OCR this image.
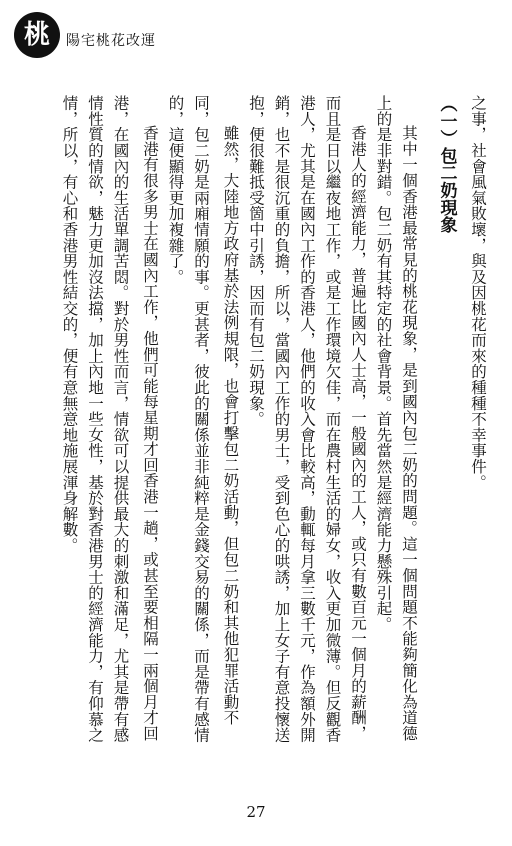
桃 陽宅桃花改運

之事，社會風氣敗壞，與及因桃花而來的種種不幸事件。

（一）包二奶現象

其中一個香港最常見的桃花現象，是到國內包二奶的問題。這一個問題不能夠簡化為道德

上的是非對錯。包二奶有其特定的社會背景。首先當然是經濟能力懸殊引起。

香港人的經濟能力，普遍比國內人士高，一般國內的工人，或只有數百元一個月的薪酬，

而且是日以繼夜地工作，或是工作環境欠佳，而在農村生活的婦女，收入更加微薄。但反觀香

港人，尤其是在國內工作的香港人，他們的收入會比較高，動輒每月拿三數千元，作為額外開

銷，也不是很沉重的負擔，所以，當國內工作的男士，受到色心的哄誘，加上女子有意投懷送

抱，便很難抵受箇中引誘，因而有包二奶現象。

雖然，大陸地方政府基於法例規限，也會打擊包二奶活動，但包二奶和其他犯罪活動不

同，包二奶是兩廂情願的事。更甚者，彼此的關係並非純粹是金錢交易的關係，而是帶有感情

的，這便顯得更加複雜了。

香港有很多男士在國內工作，他們可能每星期才回香港一趟，或甚至要相隔一兩個月才回

港，在國內的生活單調苦悶。對於男性而言，情欲可以提供最大的刺激和滿足，尤其是帶有感

情性質的情欲，魅力更加沒法擋，加上內地一些女性，基於對香港男士的經濟能力，有仰慕之

情，所以，有心和香港男性結交的，便有意無意地施展渾身解數。

27
